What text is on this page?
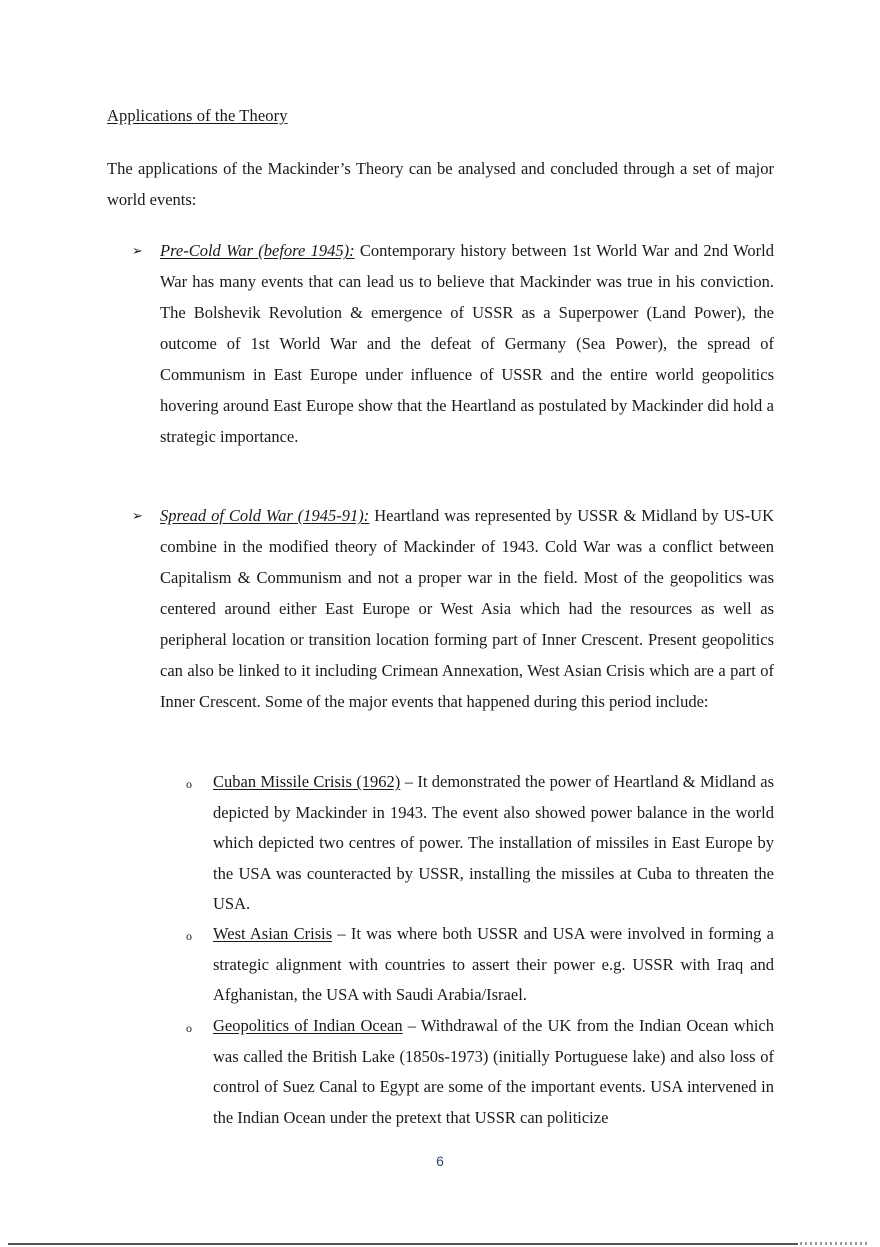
Applications of the Theory
The applications of the Mackinder’s Theory can be analysed and concluded through a set of major world events:
➢ Pre-Cold War (before 1945): Contemporary history between 1st World War and 2nd World War has many events that can lead us to believe that Mackinder was true in his conviction. The Bolshevik Revolution & emergence of USSR as a Superpower (Land Power), the outcome of 1st World War and the defeat of Germany (Sea Power), the spread of Communism in East Europe under influence of USSR and the entire world geopolitics hovering around East Europe show that the Heartland as postulated by Mackinder did hold a strategic importance.
➢ Spread of Cold War (1945-91): Heartland was represented by USSR & Midland by US-UK combine in the modified theory of Mackinder of 1943. Cold War was a conflict between Capitalism & Communism and not a proper war in the field. Most of the geopolitics was centered around either East Europe or West Asia which had the resources as well as peripheral location or transition location forming part of Inner Crescent. Present geopolitics can also be linked to it including Crimean Annexation, West Asian Crisis which are a part of Inner Crescent. Some of the major events that happened during this period include:
o Cuban Missile Crisis (1962) – It demonstrated the power of Heartland & Midland as depicted by Mackinder in 1943. The event also showed power balance in the world which depicted two centres of power. The installation of missiles in East Europe by the USA was counteracted by USSR, installing the missiles at Cuba to threaten the USA.
o West Asian Crisis – It was where both USSR and USA were involved in forming a strategic alignment with countries to assert their power e.g. USSR with Iraq and Afghanistan, the USA with Saudi Arabia/Israel.
o Geopolitics of Indian Ocean – Withdrawal of the UK from the Indian Ocean which was called the British Lake (1850s-1973) (initially Portuguese lake) and also loss of control of Suez Canal to Egypt are some of the important events. USA intervened in the Indian Ocean under the pretext that USSR can politicize
6
